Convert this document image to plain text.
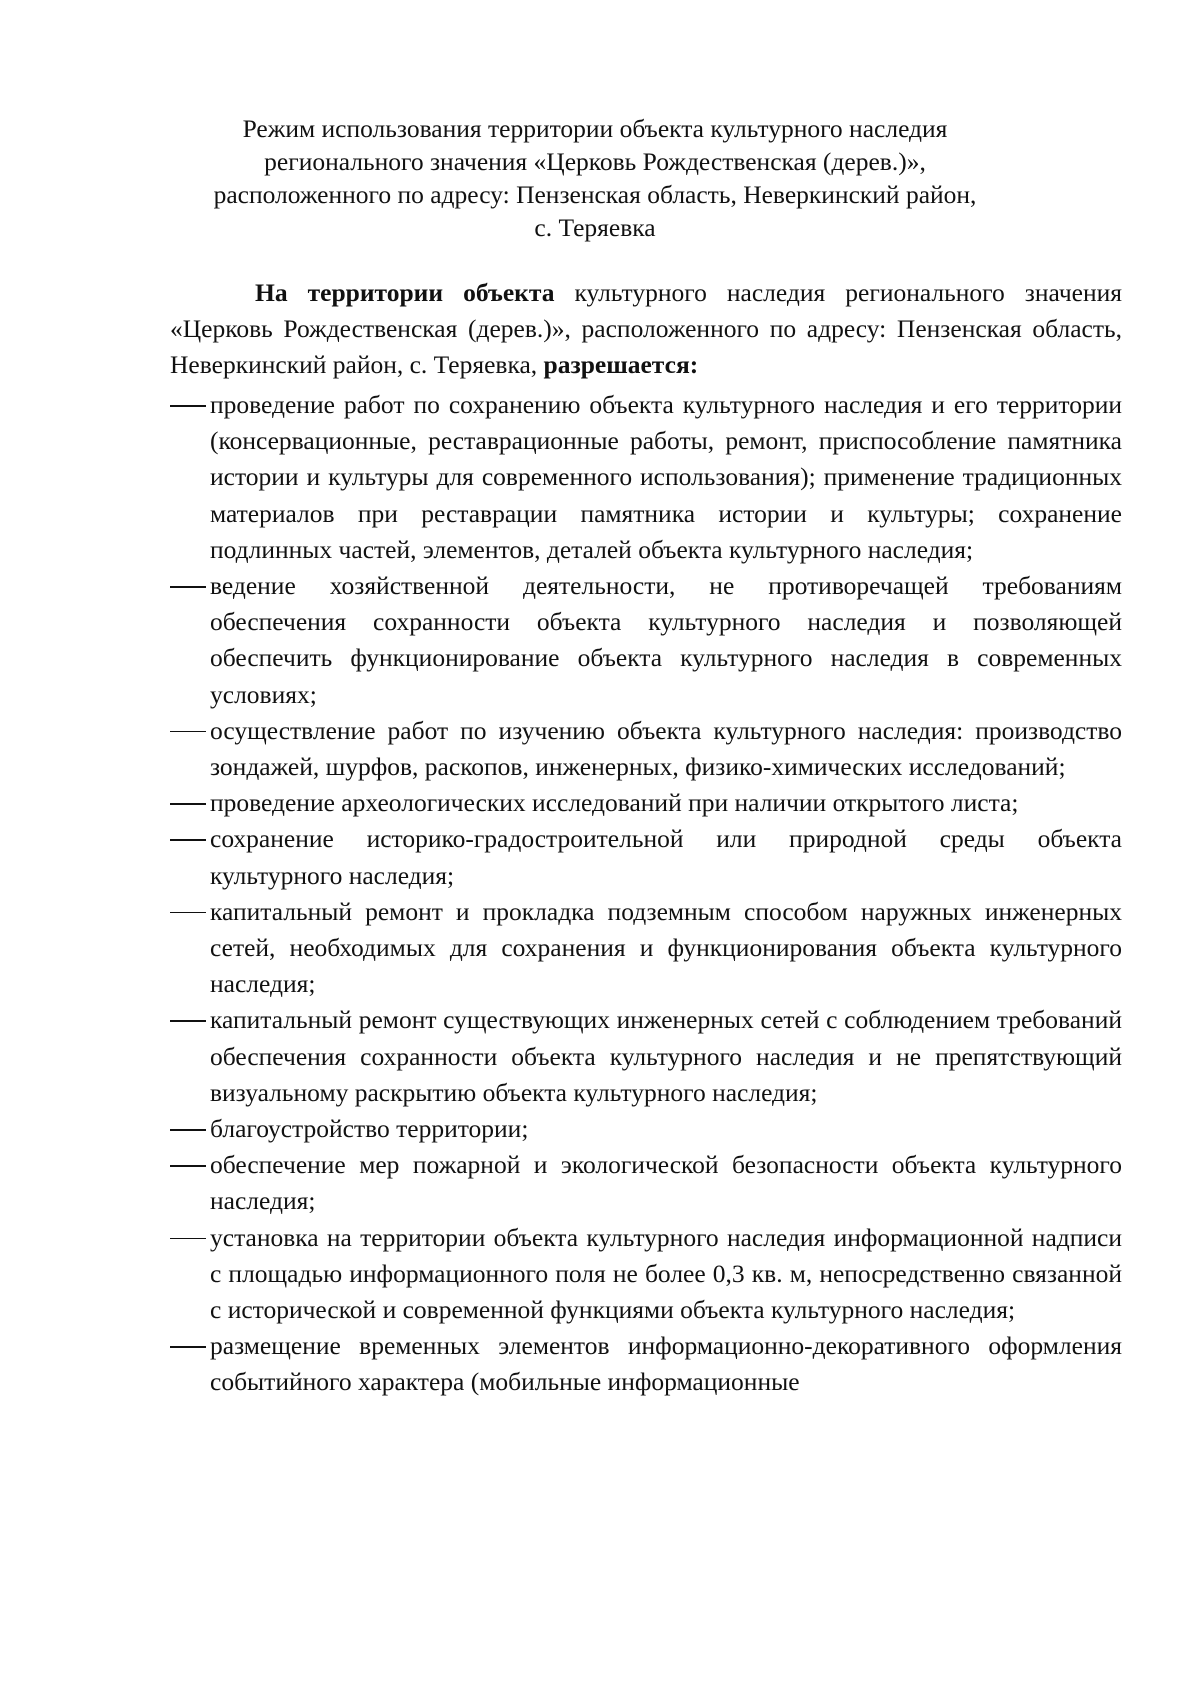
Режим использования территории объекта культурного наследия
регионального значения «Церковь Рождественская (дерев.)»,
расположенного по адресу: Пензенская область, Неверкинский район,
с. Теряевка

На территории объекта культурного наследия регионального значения «Церковь Рождественская (дерев.)», расположенного по адресу: Пензенская область, Неверкинский район, с. Теряевка, разрешается:

проведение работ по сохранению объекта культурного наследия и его территории (консервационные, реставрационные работы, ремонт, приспособление памятника истории и культуры для современного использования); применение традиционных материалов при реставрации памятника истории и культуры; сохранение подлинных частей, элементов, деталей объекта культурного наследия;
ведение хозяйственной деятельности, не противоречащей требованиям обеспечения сохранности объекта культурного наследия и позволяющей обеспечить функционирование объекта культурного наследия в современных условиях;
осуществление работ по изучению объекта культурного наследия: производство зондажей, шурфов, раскопов, инженерных, физико-химических исследований;
проведение археологических исследований при наличии открытого листа;
сохранение историко-градостроительной или природной среды объекта культурного наследия;
капитальный ремонт и прокладка подземным способом наружных инженерных сетей, необходимых для сохранения и функционирования объекта культурного наследия;
капитальный ремонт существующих инженерных сетей с соблюдением требований обеспечения сохранности объекта культурного наследия и не препятствующий визуальному раскрытию объекта культурного наследия;
благоустройство территории;
обеспечение мер пожарной и экологической безопасности объекта культурного наследия;
установка на территории объекта культурного наследия информационной надписи с площадью информационного поля не более 0,3 кв. м, непосредственно связанной с исторической и современной функциями объекта культурного наследия;
размещение временных элементов информационно-декоративного оформления событийного характера (мобильные информационные
